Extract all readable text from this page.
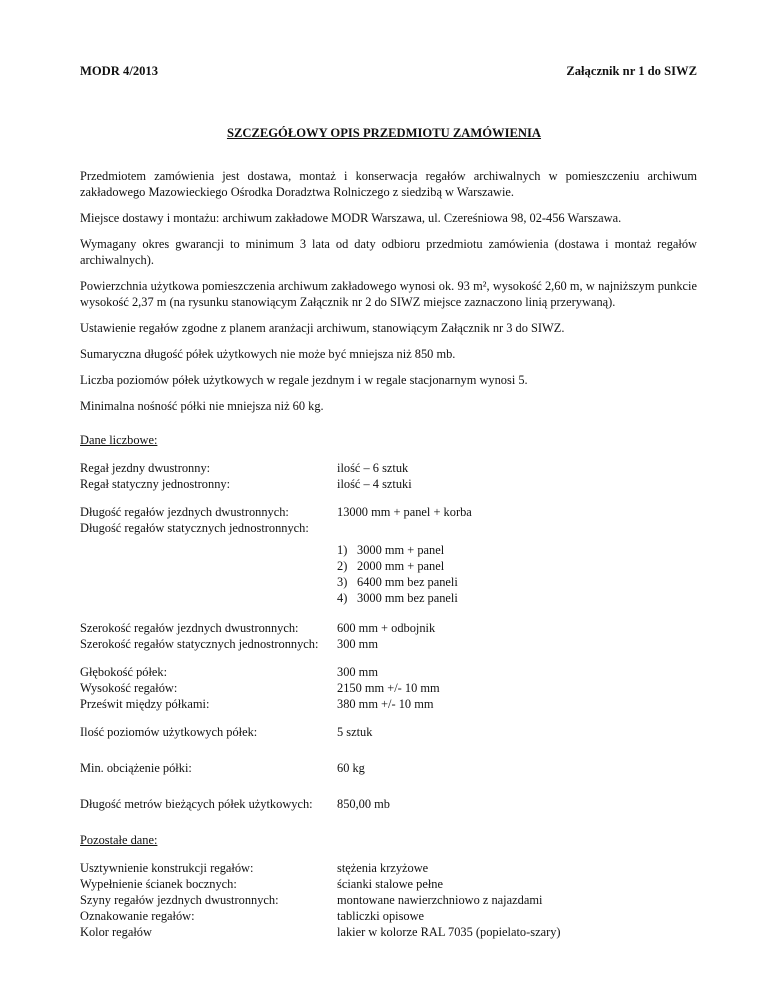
MODR 4/2013	Załącznik nr 1 do SIWZ
SZCZEGÓŁOWY OPIS PRZEDMIOTU ZAMÓWIENIA

Przedmiotem zamówienia jest dostawa, montaż i konserwacja regałów archiwalnych w pomieszczeniu archiwum zakładowego Mazowieckiego Ośrodka Doradztwa Rolniczego z siedzibą w Warszawie.

Miejsce dostawy i montażu: archiwum zakładowe MODR Warszawa, ul. Czereśniowa 98, 02-456 Warszawa.

Wymagany okres gwarancji to minimum 3 lata od daty odbioru przedmiotu zamówienia (dostawa i montaż regałów archiwalnych).

Powierzchnia użytkowa pomieszczenia archiwum zakładowego wynosi ok. 93 m², wysokość 2,60 m, w najniższym punkcie wysokość 2,37 m (na rysunku stanowiącym Załącznik nr 2 do SIWZ miejsce zaznaczono linią przerywaną).

Ustawienie regałów zgodne z planem aranżacji archiwum, stanowiącym Załącznik nr 3 do SIWZ.

Sumaryczna długość półek użytkowych nie może być mniejsza niż 850 mb.

Liczba poziomów półek użytkowych w regale jezdnym i w regale stacjonarnym wynosi 5.

Minimalna nośność półki nie mniejsza niż 60 kg.

Dane liczbowe:
Regał jezdny dwustronny:	ilość – 6 sztuk
Regał statyczny jednostronny:	ilość – 4 sztuki
Długość regałów jezdnych dwustronnych:	13000 mm + panel + korba
Długość regałów statycznych jednostronnych:
1) 3000 mm + panel
2) 2000 mm + panel
3) 6400 mm bez paneli
4) 3000 mm bez paneli
Szerokość regałów jezdnych dwustronnych:	600 mm + odbojnik
Szerokość regałów statycznych jednostronnych:	300 mm
Głębokość półek:	300 mm
Wysokość regałów:	2150 mm +/- 10 mm
Prześwit między półkami:	380 mm +/- 10 mm
Ilość poziomów użytkowych półek:	5 sztuk
Min. obciążenie półki:	60 kg
Długość metrów bieżących półek użytkowych:	850,00 mb
Pozostałe dane:
Usztywnienie konstrukcji regałów:	stężenia krzyżowe
Wypełnienie ścianek bocznych:	ścianki stalowe pełne
Szyny regałów jezdnych dwustronnych:	montowane nawierzchniowo z najazdami
Oznakowanie regałów:	tabliczki opisowe
Kolor regałów	lakier w kolorze RAL 7035 (popielato-szary)
